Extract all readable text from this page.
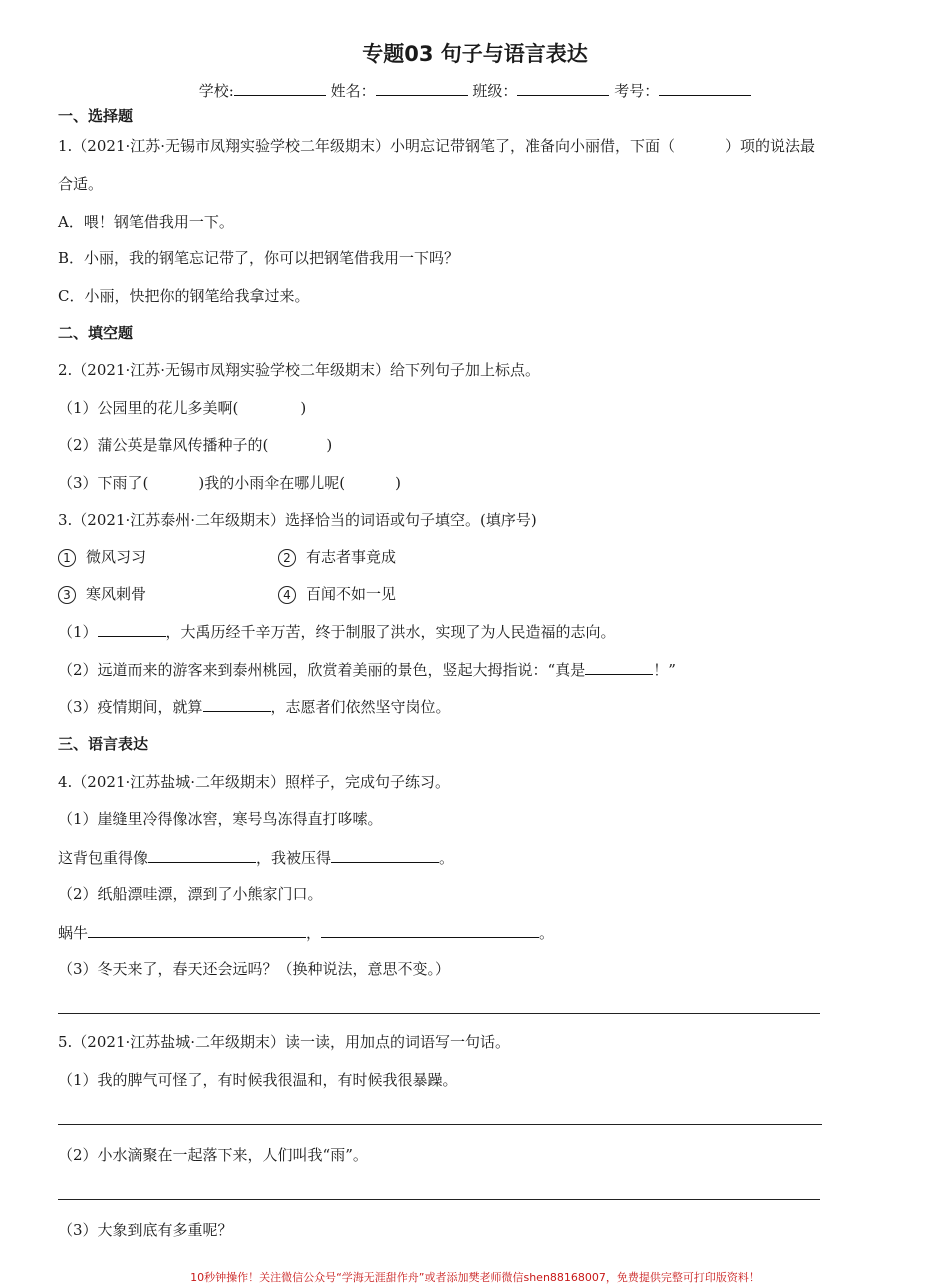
专题03 句子与语言表达
学校:	姓名：	班级：	考号：
一、选择题
1.（2021·江苏·无锡市凤翔实验学校二年级期末）小明忘记带钢笔了，准备向小丽借，下面（	）项的说法最
合适。
A．喂！钢笔借我用一下。
B．小丽，我的钢笔忘记带了，你可以把钢笔借我用一下吗？
C．小丽，快把你的钢笔给我拿过来。
二、填空题
2.（2021·江苏·无锡市凤翔实验学校二年级期末）给下列句子加上标点。
（1）公园里的花儿多美啊(	)
（2）蒲公英是靠风传播种子的(	)
（3）下雨了(	)我的小雨伞在哪儿呢(	)
3.（2021·江苏泰州·二年级期末）选择恰当的词语或句子填空。(填序号)
1 微风习习	2 有志者事竟成
3 寒风刺骨	4 百闻不如一见
（1）	，大禹历经千辛万苦，终于制服了洪水，实现了为人民造福的志向。
（2）远道而来的游客来到泰州桃园，欣赏着美丽的景色，竖起大拇指说：“真是	！”
（3）疫情期间，就算	，志愿者们依然坚守岗位。
三、语言表达
4.（2021·江苏盐城·二年级期末）照样子，完成句子练习。
（1）崖缝里冷得像冰窖，寒号鸟冻得直打哆嗦。
这背包重得像	，我被压得	。
（2）纸船漂哇漂，漂到了小熊家门口。
蜗牛	，	。
（3）冬天来了，春天还会远吗？（换种说法，意思不变。）
5.（2021·江苏盐城·二年级期末）读一读，用加点的词语写一句话。
（1）我的脾气可怪了，有时候我很温和，有时候我很暴躁。
（2）小水滴聚在一起落下来，人们叫我“雨”。
（3）大象到底有多重呢？
10秒钟操作！关注微信公众号“学海无涯甜作舟”或者添加樊老师微信shen88168007，免费提供完整可打印版资料！
